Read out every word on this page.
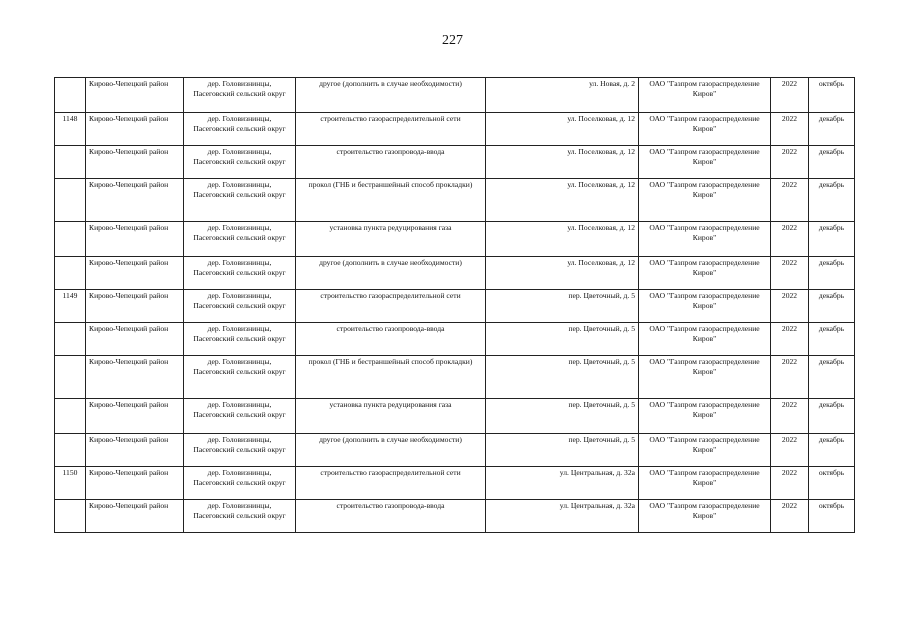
227
	Кирово-Чепецкий район	дер. Головизнинцы, Пасеговский сельский округ	другое (дополнить в случае необходимости)	ул. Новая, д. 2	ОАО "Газпром газораспределение Киров"	2022	октябрь
1148	Кирово-Чепецкий район	дер. Головизнинцы, Пасеговский сельский округ	строительство газораспределительной сети	ул. Поселковая, д. 12	ОАО "Газпром газораспределение Киров"	2022	декабрь
	Кирово-Чепецкий район	дер. Головизнинцы, Пасеговский сельский округ	строительство газопровода-ввода	ул. Поселковая, д. 12	ОАО "Газпром газораспределение Киров"	2022	декабрь
	Кирово-Чепецкий район	дер. Головизнинцы, Пасеговский сельский округ	прокол (ГНБ и бестраншейный способ прокладки)	ул. Поселковая, д. 12	ОАО "Газпром газораспределение Киров"	2022	декабрь
	Кирово-Чепецкий район	дер. Головизнинцы, Пасеговский сельский округ	установка пункта редуцирования газа	ул. Поселковая, д. 12	ОАО "Газпром газораспределение Киров"	2022	декабрь
	Кирово-Чепецкий район	дер. Головизнинцы, Пасеговский сельский округ	другое (дополнить в случае необходимости)	ул. Поселковая, д. 12	ОАО "Газпром газораспределение Киров"	2022	декабрь
1149	Кирово-Чепецкий район	дер. Головизнинцы, Пасеговский сельский округ	строительство газораспределительной сети	пер. Цветочный, д. 5	ОАО "Газпром газораспределение Киров"	2022	декабрь
	Кирово-Чепецкий район	дер. Головизнинцы, Пасеговский сельский округ	строительство газопровода-ввода	пер. Цветочный, д. 5	ОАО "Газпром газораспределение Киров"	2022	декабрь
	Кирово-Чепецкий район	дер. Головизнинцы, Пасеговский сельский округ	прокол (ГНБ и бестраншейный способ прокладки)	пер. Цветочный, д. 5	ОАО "Газпром газораспределение Киров"	2022	декабрь
	Кирово-Чепецкий район	дер. Головизнинцы, Пасеговский сельский округ	установка пункта редуцирования газа	пер. Цветочный, д. 5	ОАО "Газпром газораспределение Киров"	2022	декабрь
	Кирово-Чепецкий район	дер. Головизнинцы, Пасеговский сельский округ	другое (дополнить в случае необходимости)	пер. Цветочный, д. 5	ОАО "Газпром газораспределение Киров"	2022	декабрь
1150	Кирово-Чепецкий район	дер. Головизнинцы, Пасеговский сельский округ	строительство газораспределительной сети	ул. Центральная, д. 32а	ОАО "Газпром газораспределение Киров"	2022	октябрь
	Кирово-Чепецкий район	дер. Головизнинцы, Пасеговский сельский округ	строительство газопровода-ввода	ул. Центральная, д. 32а	ОАО "Газпром газораспределение Киров"	2022	октябрь
